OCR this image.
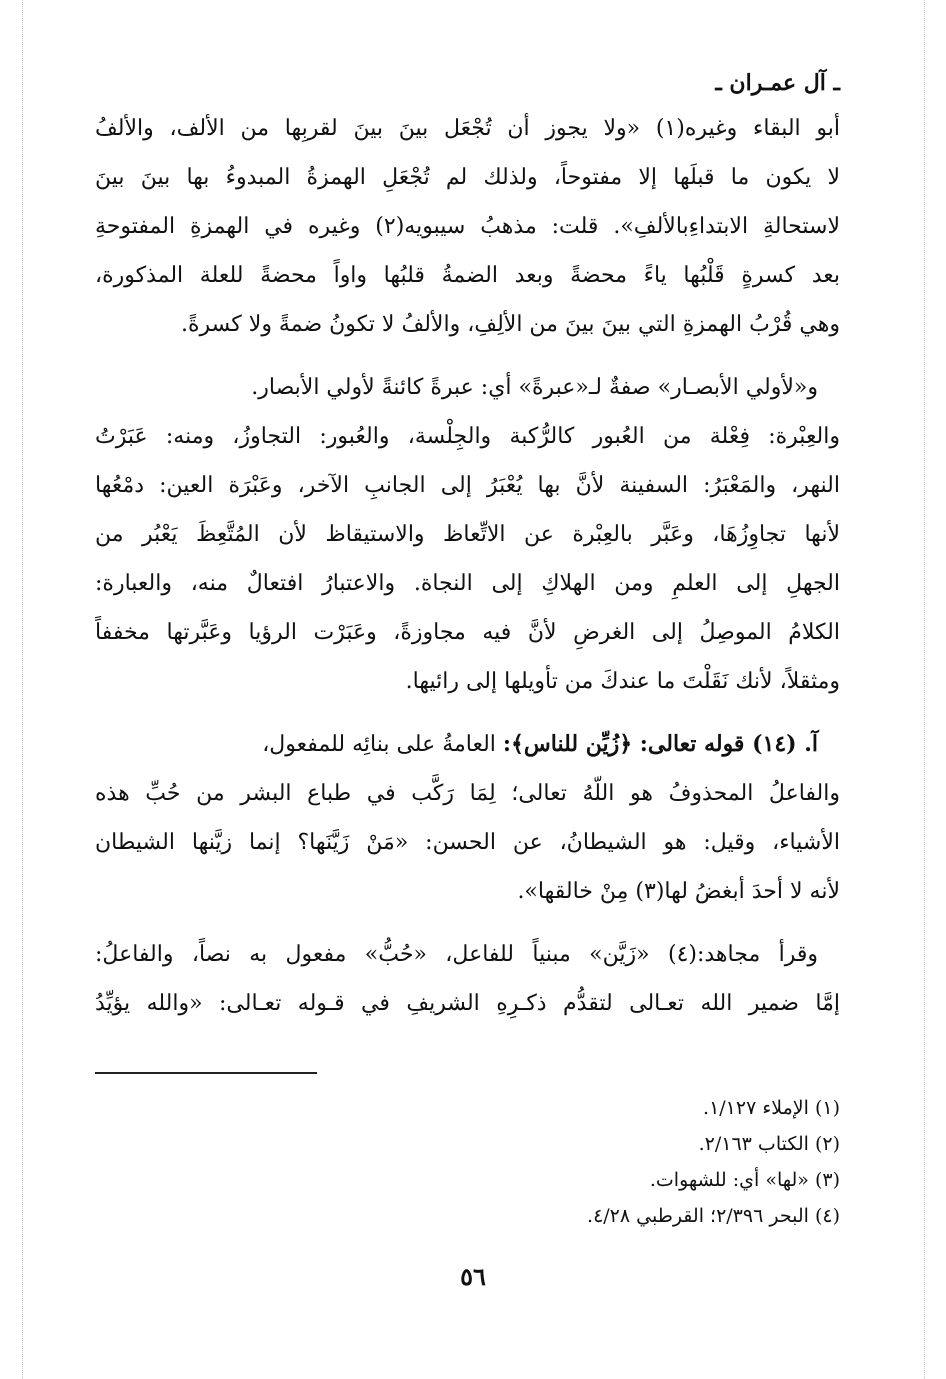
ـ آل عمـران ـ
أبو البقاء وغيره(١) «ولا يجوز أن تُجْعَل بينَ بينَ لقربِها من الألف، والألفُ
لا يكون ما قبلَها إلا مفتوحاً، ولذلك لم تُجْعَلِ الهمزةُ المبدوءُ بها بينَ بينَ
لاستحالةِ الابتداءِبالألفِ». قلت: مذهبُ سيبويه(٢) وغيره في الهمزةِ المفتوحةِ
بعد كسرةٍ قَلْبُها ياءً محضةً وبعد الضمةُ قلبُها واواً محضةً للعلة المذكورة،
وهي قُرْبُ الهمزةِ التي بينَ بينَ من الألِفِ، والألفُ لا تكونُ ضمةً ولا كسرةً.
و«لأولي الأبصـار» صفةٌ لـ«عبرةً» أي: عبرةً كائنةً لأولي الأبصار.
والعِبْرة: فِعْلة من العُبور كالرُّكبة والجِلْسة، والعُبور: التجاوزُ، ومنه: عَبَرْتُ
النهر، والمَعْبَرُ: السفينة لأنَّ بها يُعْبَرُ إلى الجانبِ الآخر، وعَبْرَة العين: دمْعُها
لأنها تجاوِزُهَا، وعَبَّر بالعِبْرة عن الاتِّعاظ والاستيقاظ لأن المُتَّعِظَ يَعْبُر من
الجهلِ إلى العلمِ ومن الهلاكِ إلى النجاة. والاعتبارُ افتعالٌ منه، والعبارة:
الكلامُ الموصِلُ إلى الغرضِ لأنَّ فيه مجاوزةً، وعَبَرْت الرؤيا وعَبَّرتها مخففاً
ومثقلاً، لأنك نَقَلْتَ ما عندكَ من تأويلها إلى رائيها.
آ. (١٤) قوله تعالى: ﴿زُيِّن للناس﴾: العامةُ على بنائِه للمفعول،
والفاعلُ المحذوفُ هو اللّهُ تعالى؛ لِمَا رَكَّب في طباع البشر من حُبِّ هذه
الأشياء، وقيل: هو الشيطانُ، عن الحسن: «مَنْ زَيَّنَها؟ إنما زيَّنها الشيطان
لأنه لا أحدَ أبغضُ لها(٣) مِنْ خالقها».
وقرأ مجاهد:(٤) «زَيَّن» مبنياً للفاعل، «حُبُّ» مفعول به نصاً، والفاعلُ:
إمَّا ضمير الله تعـالى لتقدُّم ذكـرِهِ الشريفِ في قـوله تعـالى: «والله يؤيِّدُ
(١) الإملاء ١/١٢٧.
(٢) الكتاب ٢/١٦٣.
(٣) «لها» أي: للشهوات.
(٤) البحر ٢/٣٩٦؛ القرطبي ٤/٢٨.
٥٦
